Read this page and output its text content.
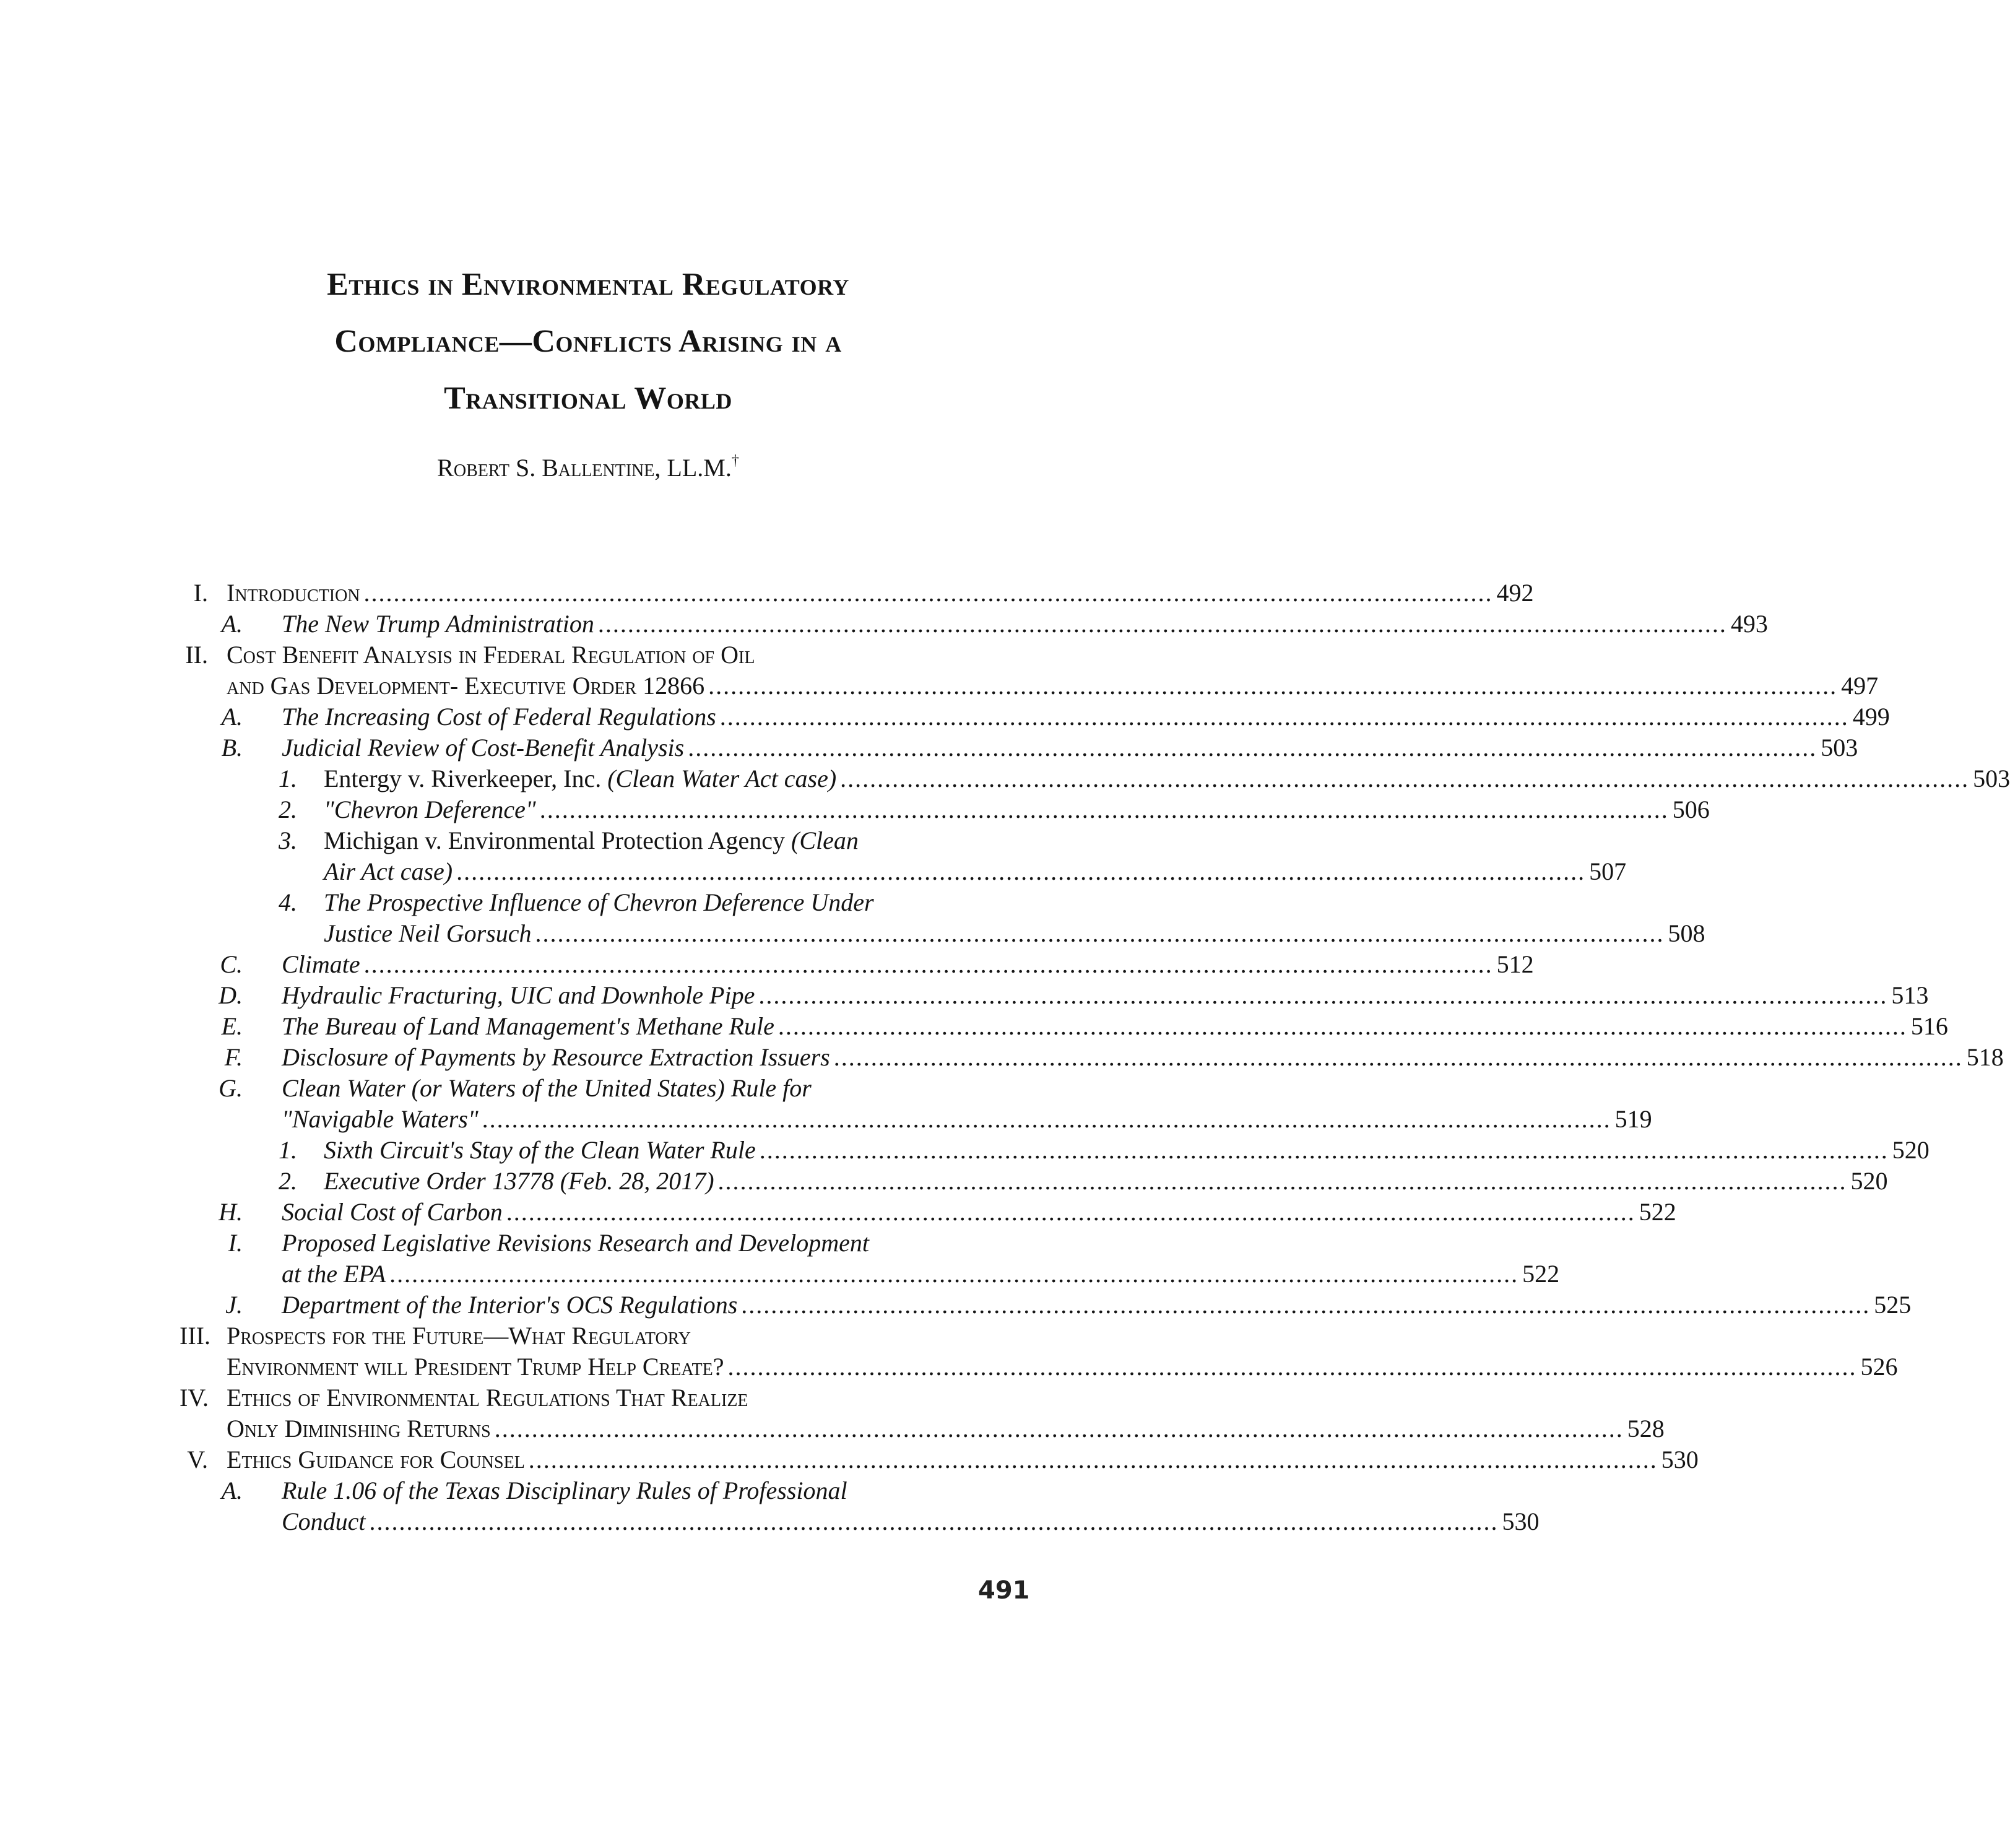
Ethics in Environmental Regulatory
Compliance—Conflicts Arising in a
Transitional World
Robert S. Ballentine, LL.M.†
I. Introduction ........................................................................................................................................................ 492
A. The New Trump Administration ........................................................................................................................................................ 493
II. Cost Benefit Analysis in Federal Regulation of Oil
and Gas Development- Executive Order 12866 ........................................................................................................................................................ 497
A. The Increasing Cost of Federal Regulations ........................................................................................................................................................ 499
B. Judicial Review of Cost-Benefit Analysis ........................................................................................................................................................ 503
1. Entergy v. Riverkeeper, Inc. (Clean Water Act case) ........................................................................................................................................................ 503
2. "Chevron Deference" ........................................................................................................................................................ 506
3. Michigan v. Environmental Protection Agency (Clean
Air Act case) ........................................................................................................................................................ 507
4. The Prospective Influence of Chevron Deference Under
Justice Neil Gorsuch ........................................................................................................................................................ 508
C. Climate ........................................................................................................................................................ 512
D. Hydraulic Fracturing, UIC and Downhole Pipe ........................................................................................................................................................ 513
E. The Bureau of Land Management's Methane Rule ........................................................................................................................................................ 516
F. Disclosure of Payments by Resource Extraction Issuers ........................................................................................................................................................ 518
G. Clean Water (or Waters of the United States) Rule for
"Navigable Waters" ........................................................................................................................................................ 519
1. Sixth Circuit's Stay of the Clean Water Rule ........................................................................................................................................................ 520
2. Executive Order 13778 (Feb. 28, 2017) ........................................................................................................................................................ 520
H. Social Cost of Carbon ........................................................................................................................................................ 522
I. Proposed Legislative Revisions Research and Development
at the EPA ........................................................................................................................................................ 522
J. Department of the Interior's OCS Regulations ........................................................................................................................................................ 525
III. Prospects for the Future—What Regulatory
Environment will President Trump Help Create? ........................................................................................................................................................ 526
IV. Ethics of Environmental Regulations That Realize
Only Diminishing Returns ........................................................................................................................................................ 528
V. Ethics Guidance for Counsel ........................................................................................................................................................ 530
A. Rule 1.06 of the Texas Disciplinary Rules of Professional
Conduct ........................................................................................................................................................ 530
491
